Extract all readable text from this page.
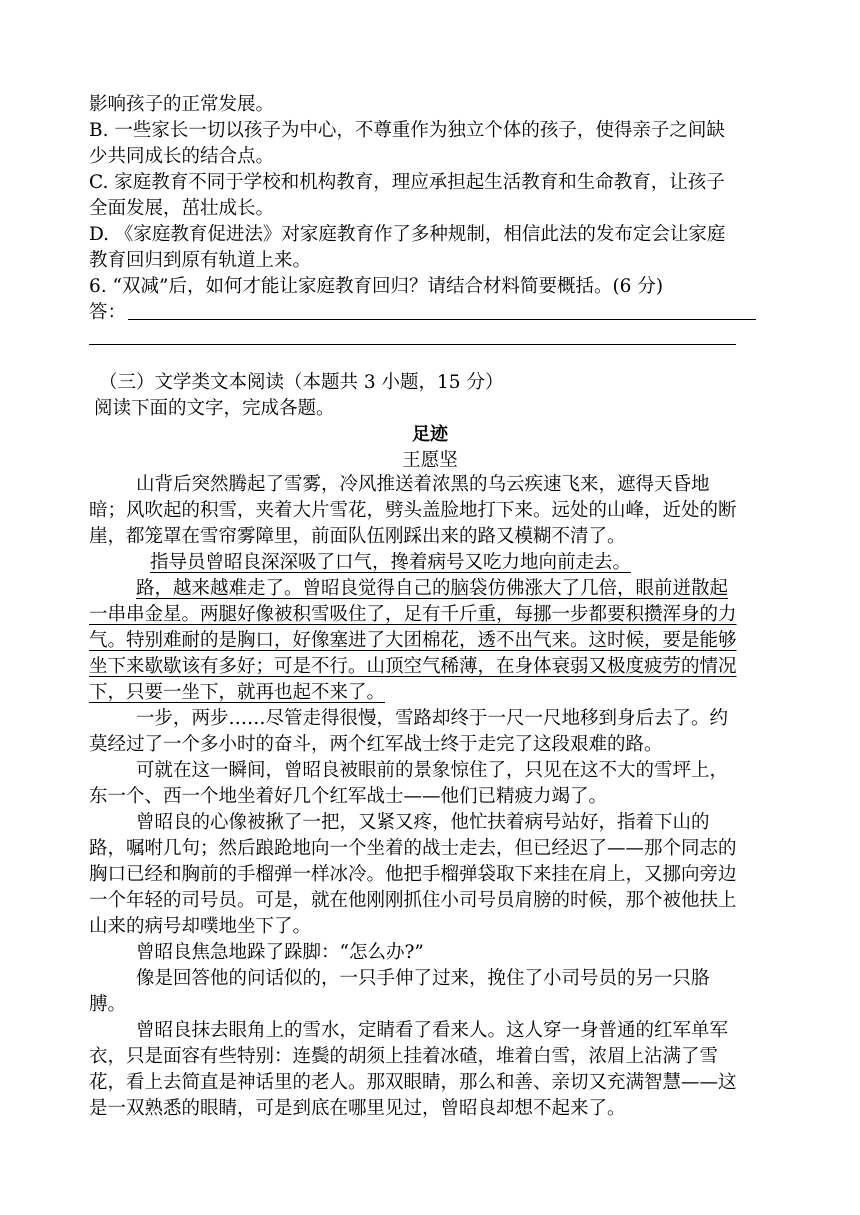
影响孩子的正常发展。
B. 一些家长一切以孩子为中心，不尊重作为独立个体的孩子，使得亲子之间缺
少共同成长的结合点。
C. 家庭教育不同于学校和机构教育，理应承担起生活教育和生命教育，让孩子
全面发展，茁壮成长。
D. 《家庭教育促进法》对家庭教育作了多种规制，相信此法的发布定会让家庭
教育回归到原有轨道上来。
6. “双减”后，如何才能让家庭教育回归？请结合材料简要概括。(6 分)
答：
（三）文学类文本阅读（本题共 3 小题，15 分）
阅读下面的文字，完成各题。
足迹
王愿坚
山背后突然腾起了雪雾，冷风推送着浓黑的乌云疾速飞来，遮得天昏地
暗；风吹起的积雪，夹着大片雪花，劈头盖脸地打下来。远处的山峰，近处的断
崖，都笼罩在雪帘雾障里，前面队伍刚踩出来的路又模糊不清了。
指导员曾昭良深深吸了口气，搀着病号又吃力地向前走去。
路，越来越难走了。曾昭良觉得自己的脑袋仿佛涨大了几倍，眼前迸散起
一串串金星。两腿好像被积雪吸住了，足有千斤重，每挪一步都要积攒浑身的力
气。特别难耐的是胸口，好像塞进了大团棉花，透不出气来。这时候，要是能够
坐下来歇歇该有多好；可是不行。山顶空气稀薄，在身体衰弱又极度疲劳的情况
下，只要一坐下，就再也起不来了。
一步，两步……尽管走得很慢，雪路却终于一尺一尺地移到身后去了。约
莫经过了一个多小时的奋斗，两个红军战士终于走完了这段艰难的路。
可就在这一瞬间，曾昭良被眼前的景象惊住了，只见在这不大的雪坪上，
东一个、西一个地坐着好几个红军战士——他们已精疲力竭了。
曾昭良的心像被揪了一把，又紧又疼，他忙扶着病号站好，指着下山的
路，嘱咐几句；然后踉跄地向一个坐着的战士走去，但已经迟了——那个同志的
胸口已经和胸前的手榴弹一样冰冷。他把手榴弹袋取下来挂在肩上，又挪向旁边
一个年轻的司号员。可是，就在他刚刚抓住小司号员肩膀的时候，那个被他扶上
山来的病号却噗地坐下了。
曾昭良焦急地跺了跺脚：“怎么办?”
像是回答他的问话似的，一只手伸了过来，挽住了小司号员的另一只胳
膊。
曾昭良抹去眼角上的雪水，定睛看了看来人。这人穿一身普通的红军单军
衣，只是面容有些特别：连鬓的胡须上挂着冰碴，堆着白雪，浓眉上沾满了雪
花，看上去简直是神话里的老人。那双眼睛，那么和善、亲切又充满智慧——这
是一双熟悉的眼睛，可是到底在哪里见过，曾昭良却想不起来了。
